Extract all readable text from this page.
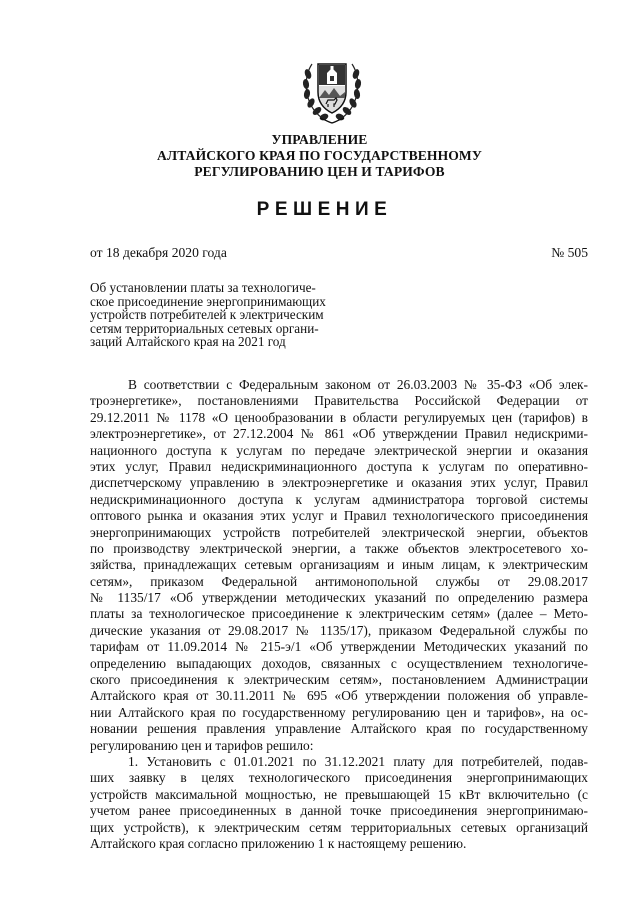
УПРАВЛЕНИЕ
АЛТАЙСКОГО КРАЯ ПО ГОСУДАРСТВЕННОМУ
РЕГУЛИРОВАНИЮ ЦЕН И ТАРИФОВ
РЕШЕНИЕ
от 18 декабря 2020 года	№ 505
Об установлении платы за технологиче-
ское присоединение энергопринимающих
устройств потребителей к электрическим
сетям территориальных сетевых органи-
заций Алтайского края на 2021 год
В соответствии с Федеральным законом от 26.03.2003 № 35-ФЗ «Об элек-
троэнергетике», постановлениями Правительства Российской Федерации от
29.12.2011 № 1178 «О ценообразовании в области регулируемых цен (тарифов) в
электроэнергетике», от 27.12.2004 № 861 «Об утверждении Правил недискрими-
национного доступа к услугам по передаче электрической энергии и оказания
этих услуг, Правил недискриминационного доступа к услугам по оперативно-
диспетчерскому управлению в электроэнергетике и оказания этих услуг, Правил
недискриминационного доступа к услугам администратора торговой системы
оптового рынка и оказания этих услуг и Правил технологического присоединения
энергопринимающих устройств потребителей электрической энергии, объектов
по производству электрической энергии, а также объектов электросетевого хо-
зяйства, принадлежащих сетевым организациям и иным лицам, к электрическим
сетям», приказом Федеральной антимонопольной службы от 29.08.2017
№ 1135/17 «Об утверждении методических указаний по определению размера
платы за технологическое присоединение к электрическим сетям» (далее – Мето-
дические указания от 29.08.2017 № 1135/17), приказом Федеральной службы по
тарифам от 11.09.2014 № 215-э/1 «Об утверждении Методических указаний по
определению выпадающих доходов, связанных с осуществлением технологиче-
ского присоединения к электрическим сетям», постановлением Администрации
Алтайского края от 30.11.2011 № 695 «Об утверждении положения об управле-
нии Алтайского края по государственному регулированию цен и тарифов», на ос-
новании решения правления управление Алтайского края по государственному
регулированию цен и тарифов решило:
1. Установить с 01.01.2021 по 31.12.2021 плату для потребителей, подав-
ших заявку в целях технологического присоединения энергопринимающих
устройств максимальной мощностью, не превышающей 15 кВт включительно (с
учетом ранее присоединенных в данной точке присоединения энергопринимаю-
щих устройств), к электрическим сетям территориальных сетевых организаций
Алтайского края согласно приложению 1 к настоящему решению.
